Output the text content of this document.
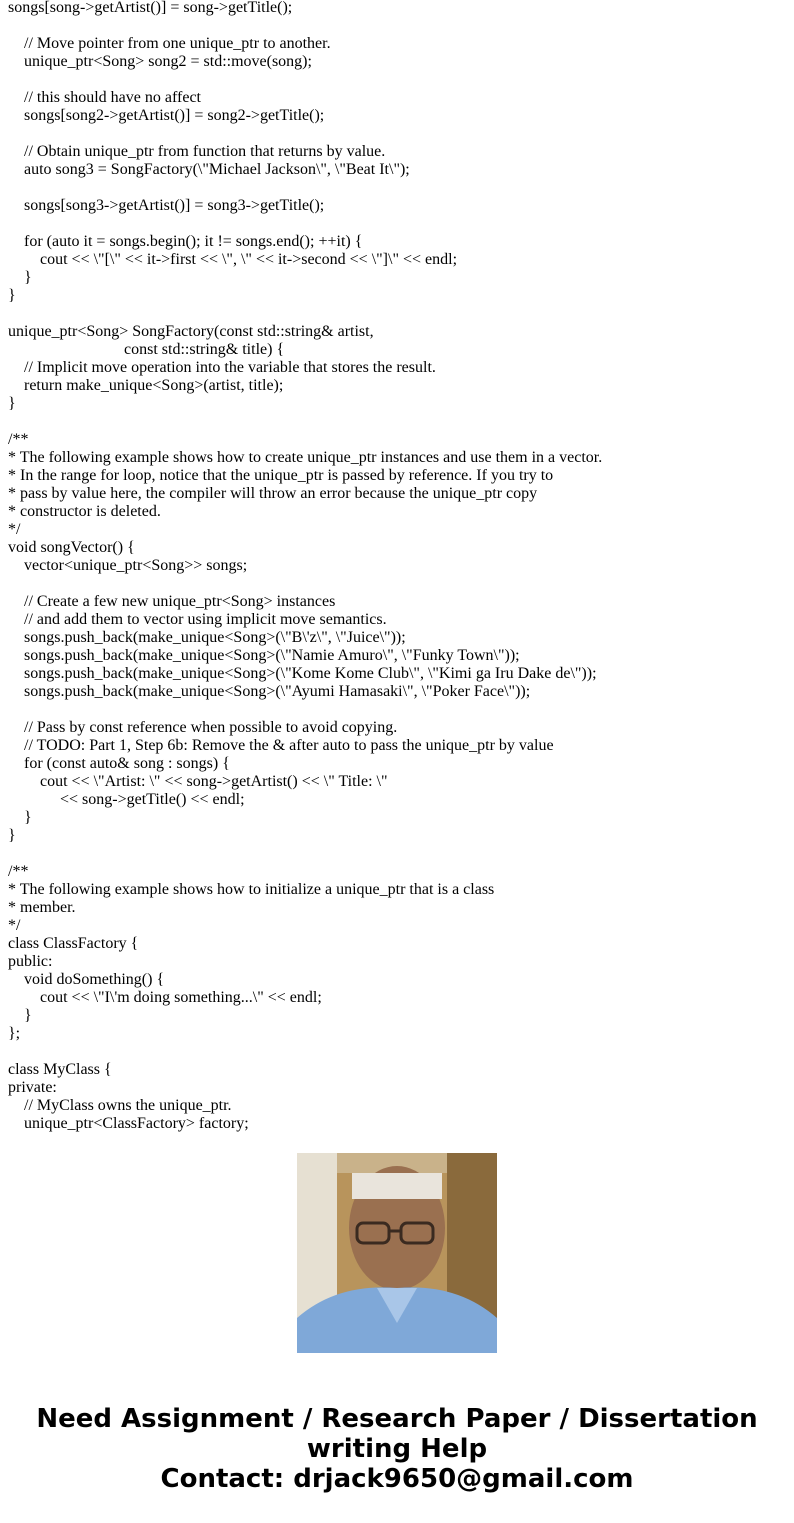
songs[song->getArtist()] = song->getTitle();
// Move pointer from one unique_ptr to another.
unique_ptr<Song> song2 = std::move(song);
// this should have no affect
songs[song2->getArtist()] = song2->getTitle();
// Obtain unique_ptr from function that returns by value.
auto song3 = SongFactory(\"Michael Jackson\", \"Beat It\");
songs[song3->getArtist()] = song3->getTitle();
for (auto it = songs.begin(); it != songs.end(); ++it) {
cout << \"[\" << it->first << \", \" << it->second << \"]\" << endl;
}
}
unique_ptr<Song> SongFactory(const std::string& artist,
const std::string& title) {
// Implicit move operation into the variable that stores the result.
return make_unique<Song>(artist, title);
}
/**
* The following example shows how to create unique_ptr instances and use them in a vector.
* In the range for loop, notice that the unique_ptr is passed by reference. If you try to
* pass by value here, the compiler will throw an error because the unique_ptr copy
* constructor is deleted.
*/
void songVector() {
vector<unique_ptr<Song>> songs;
// Create a few new unique_ptr<Song> instances
// and add them to vector using implicit move semantics.
songs.push_back(make_unique<Song>(\"B\'z\", \"Juice\"));
songs.push_back(make_unique<Song>(\"Namie Amuro\", \"Funky Town\"));
songs.push_back(make_unique<Song>(\"Kome Kome Club\", \"Kimi ga Iru Dake de\"));
songs.push_back(make_unique<Song>(\"Ayumi Hamasaki\", \"Poker Face\"));
// Pass by const reference when possible to avoid copying.
// TODO: Part 1, Step 6b: Remove the & after auto to pass the unique_ptr by value
for (const auto& song : songs) {
cout << \"Artist: \" << song->getArtist() << \" Title: \"
<< song->getTitle() << endl;
}
}
/**
* The following example shows how to initialize a unique_ptr that is a class
* member.
*/
class ClassFactory {
public:
void doSomething() {
cout << \"I\'m doing something...\" << endl;
}
};
class MyClass {
private:
// MyClass owns the unique_ptr.
unique_ptr<ClassFactory> factory;
Need Assignment / Research Paper / Dissertation
writing Help
Contact: drjack9650@gmail.com
